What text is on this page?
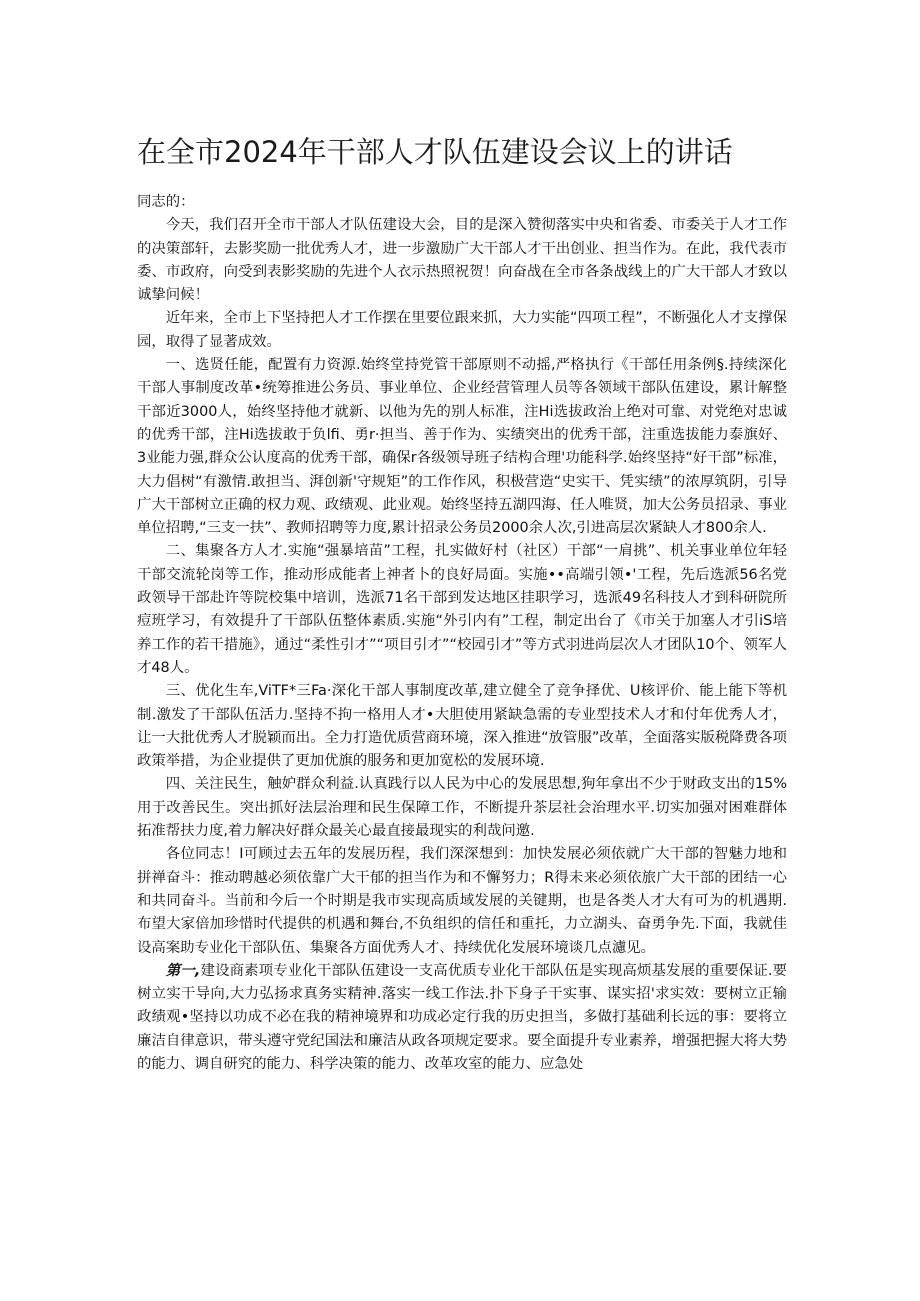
在全市2024年干部人才队伍建设会议上的讲话

同志的：

今天，我们召开全市干部人才队伍建设大会，目的是深入赞彻落实中央和省委、市委关于人才工作的决策部轩，去影奖励一批优秀人才，进一步激励广大干部人才干出创业、担当作为。在此，我代表市委、市政府，向受到表影奖励的先进个人衣示热照祝贺！向奋战在全市各条战线上的广大干部人才致以诚挚问候！

近年来，全市上下坚持把人才工作摆在里要位跟来抓，大力实能“四项工程”，不断强化人才支撑保园，取得了显著成效。

一、选贤任能，配置有力资源.始终堂持党管干部原则不动摇,严格执行《干部任用条例§.持续深化干部人事制度改革•统筹推进公务员、事业单位、企业经营管理人员等各领域干部队伍建设，累计解整干部近3000人，始终坚持他才就新、以他为先的别人标准，注Hi选拔政治上绝对可靠、对党绝对忠诚的优秀干部，注Hi选拔敢于负lfi、勇r·担当、善于作为、实绩突出的优秀干部，注重选拔能力泰旗好、3业能力强,群众公认度高的优秀干部，确保r各级领导班子结构合理'功能科学.始终坚持“好干部”标准，大力倡树“有激情.敢担当、湃创新'守规矩”的工作作风，积极营造“史实干、凭实绩”的浓厚筑阴，引导广大干部树立正确的权力观、政绩观、此业观。始终坚持五湖四海、任人唯贤，加大公务员招录、事业单位招聘,“三支一扶”、教师招聘等力度,累计招录公务员2000余人次,引进高层次紧缺人才800余人.

二、集聚各方人才.实施“强暴培苗”工程，扎实做好村（社区）干部“一肩挑”、机关事业单位年轻干部交流轮岗等工作，推动形成能者上神者卜的良好局面。实施••高端引领•'工程，先后选派56名党政领导干部赴许等院校集中培训，选派71名干部到发达地区挂职学习，选派49名科技人才到科研院所痘班学习，有效提升了干部队伍整体素质.实施“外引内有”工程，制定出台了《市关于加塞人才引iS培养工作的若干措施》，通过“柔性引才”“项目引才”“校园引才”等方式羽进尚层次人才团队10个、领军人才48人。

三、优化生车,ViTF*三Fa·深化干部人事制度改革,建立健全了竞争择优、U核评价、能上能下等机制.激发了干部队伍活力.坚持不拘一格用人才•大胆使用紧缺急需的专业型技术人才和付年优秀人才，让一大批优秀人才脱颖而出。全力打造优质营商环境，深入推进“放管服”改革，全面落实版税降费各项政策举措，为企业提供了更加优旗的服务和更加宽松的发展环境.

四、关注民生，触妒群众利益.认真践行以人民为中心的发展思想,狗年拿出不少于财政支出的15%用于改善民生。突出抓好法层治理和民生保障工作，不断提升茶层社会治理水平.切实加强对困难群体拓准帮扶力度,着力解决好群众最关心最直接最现实的利哉问邀.

各位同志！I可顾过去五年的发展历程，我们深深想到：加快发展必须依就广大干部的智魅力地和拼禅奋斗：推动聘越必须依靠广大干郁的担当作为和不懈努力；R得未来必须依旅广大干部的团结一心和共同奋斗。当前和今后一个时期是我市实现高质域发展的关键期，也是各类人才大有可为的机遇期.布望大家倍加珍惜时代提供的机遇和舞台,不负组织的信任和重托，力立湖头、奋勇争先.下面，我就佳设高案助专业化干部队伍、集聚各方面优秀人才、持续优化发展环境谈几点濾见。

第一,建设商素项专业化干部队伍建设一支高优质专业化干部队伍是实现高烦基发展的重要保证.要树立实干导向,大力弘扬求真务实精神.落实一线工作法.扑下身子干实事、谋实招'求实效：要树立正输政绩观•坚持以功成不必在我的精神境界和功成必定行我的历史担当，多做打基础利长远的事：要将立廉洁自律意识，带头遵守党纪国法和廉洁从政各项规定要求。要全面提升专业素养，增强把握大将大势的能力、调自研究的能力、科学决策的能力、改革攻室的能力、应急处
